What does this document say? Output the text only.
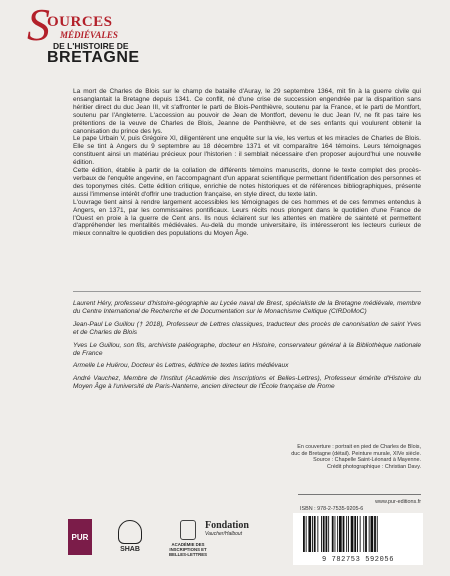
S
OURCES
MÉDIÉVALES
DE L'HISTOIRE DE
BRETAGNE

La mort de Charles de Blois sur le champ de bataille d'Auray, le 29 septembre 1364, mit fin à la guerre civile qui ensanglantait la Bretagne depuis 1341. Ce conflit, né d'une crise de succession engendrée par la disparition sans héritier direct du duc Jean III, vit s'affronter le parti de Blois-Penthièvre, soutenu par la France, et le parti de Montfort, soutenu par l'Angleterre. L'accession au pouvoir de Jean de Montfort, devenu le duc Jean IV, ne fit pas taire les prétentions de la veuve de Charles de Blois, Jeanne de Penthièvre, et de ses enfants qui voulurent obtenir la canonisation du prince des lys.

Le pape Urbain V, puis Grégoire XI, diligentèrent une enquête sur la vie, les vertus et les miracles de Charles de Blois. Elle se tint à Angers du 9 septembre au 18 décembre 1371 et vit comparaître 164 témoins. Leurs témoignages constituent ainsi un matériau précieux pour l'historien : il semblait nécessaire d'en proposer aujourd'hui une nouvelle édition.

Cette édition, établie à partir de la collation de différents témoins manuscrits, donne le texte complet des procès-verbaux de l'enquête angevine, en l'accompagnant d'un apparat scientifique permettant l'identification des personnes et des toponymes cités. Cette édition critique, enrichie de notes historiques et de références bibliographiques, présente aussi l'immense intérêt d'offrir une traduction française, en style direct, du texte latin.

L'ouvrage tient ainsi à rendre largement accessibles les témoignages de ces hommes et de ces femmes entendus à Angers, en 1371, par les commissaires pontificaux. Leurs récits nous plongent dans le quotidien d'une France de l'Ouest en proie à la guerre de Cent ans. Ils nous éclairent sur les attentes en matière de sainteté et permettent d'appréhender les mentalités médiévales. Au-delà du monde universitaire, ils intéresseront les lecteurs curieux de mieux connaître le quotidien des populations du Moyen Âge.

Laurent Héry, professeur d'histoire-géographie au Lycée naval de Brest, spécialiste de la Bretagne médiévale, membre du Centre International de Recherche et de Documentation sur le Monachisme Celtique (CIRDoMoC)

Jean-Paul Le Guillou († 2018), Professeur de Lettres classiques, traducteur des procès de canonisation de saint Yves et de Charles de Blois

Yves Le Guillou, son fils, archiviste paléographe, docteur en Histoire, conservateur général à la Bibliothèque nationale de France

Armelle Le Huërou, Docteur ès Lettres, éditrice de textes latins médiévaux

André Vauchez, Membre de l'Institut (Académie des Inscriptions et Belles-Lettres), Professeur émérite d'Histoire du Moyen Âge à l'université de Paris-Nanterre, ancien directeur de l'École française de Rome

En couverture : portrait en pied de Charles de Blois,
duc de Bretagne (détail). Peinture murale, XIVe siècle.
Source : Chapelle Saint-Léonard à Mayenne.
Crédit photographique : Christian Davy.
www.pur-editions.fr
ISBN : 978-2-7535-9205-6
PUR
SHAB
ACADÉMIE DES
INSCRIPTIONS ET
BELLES-LETTRES
Fondation
Vaucher/Halbout
9 782753 592056
